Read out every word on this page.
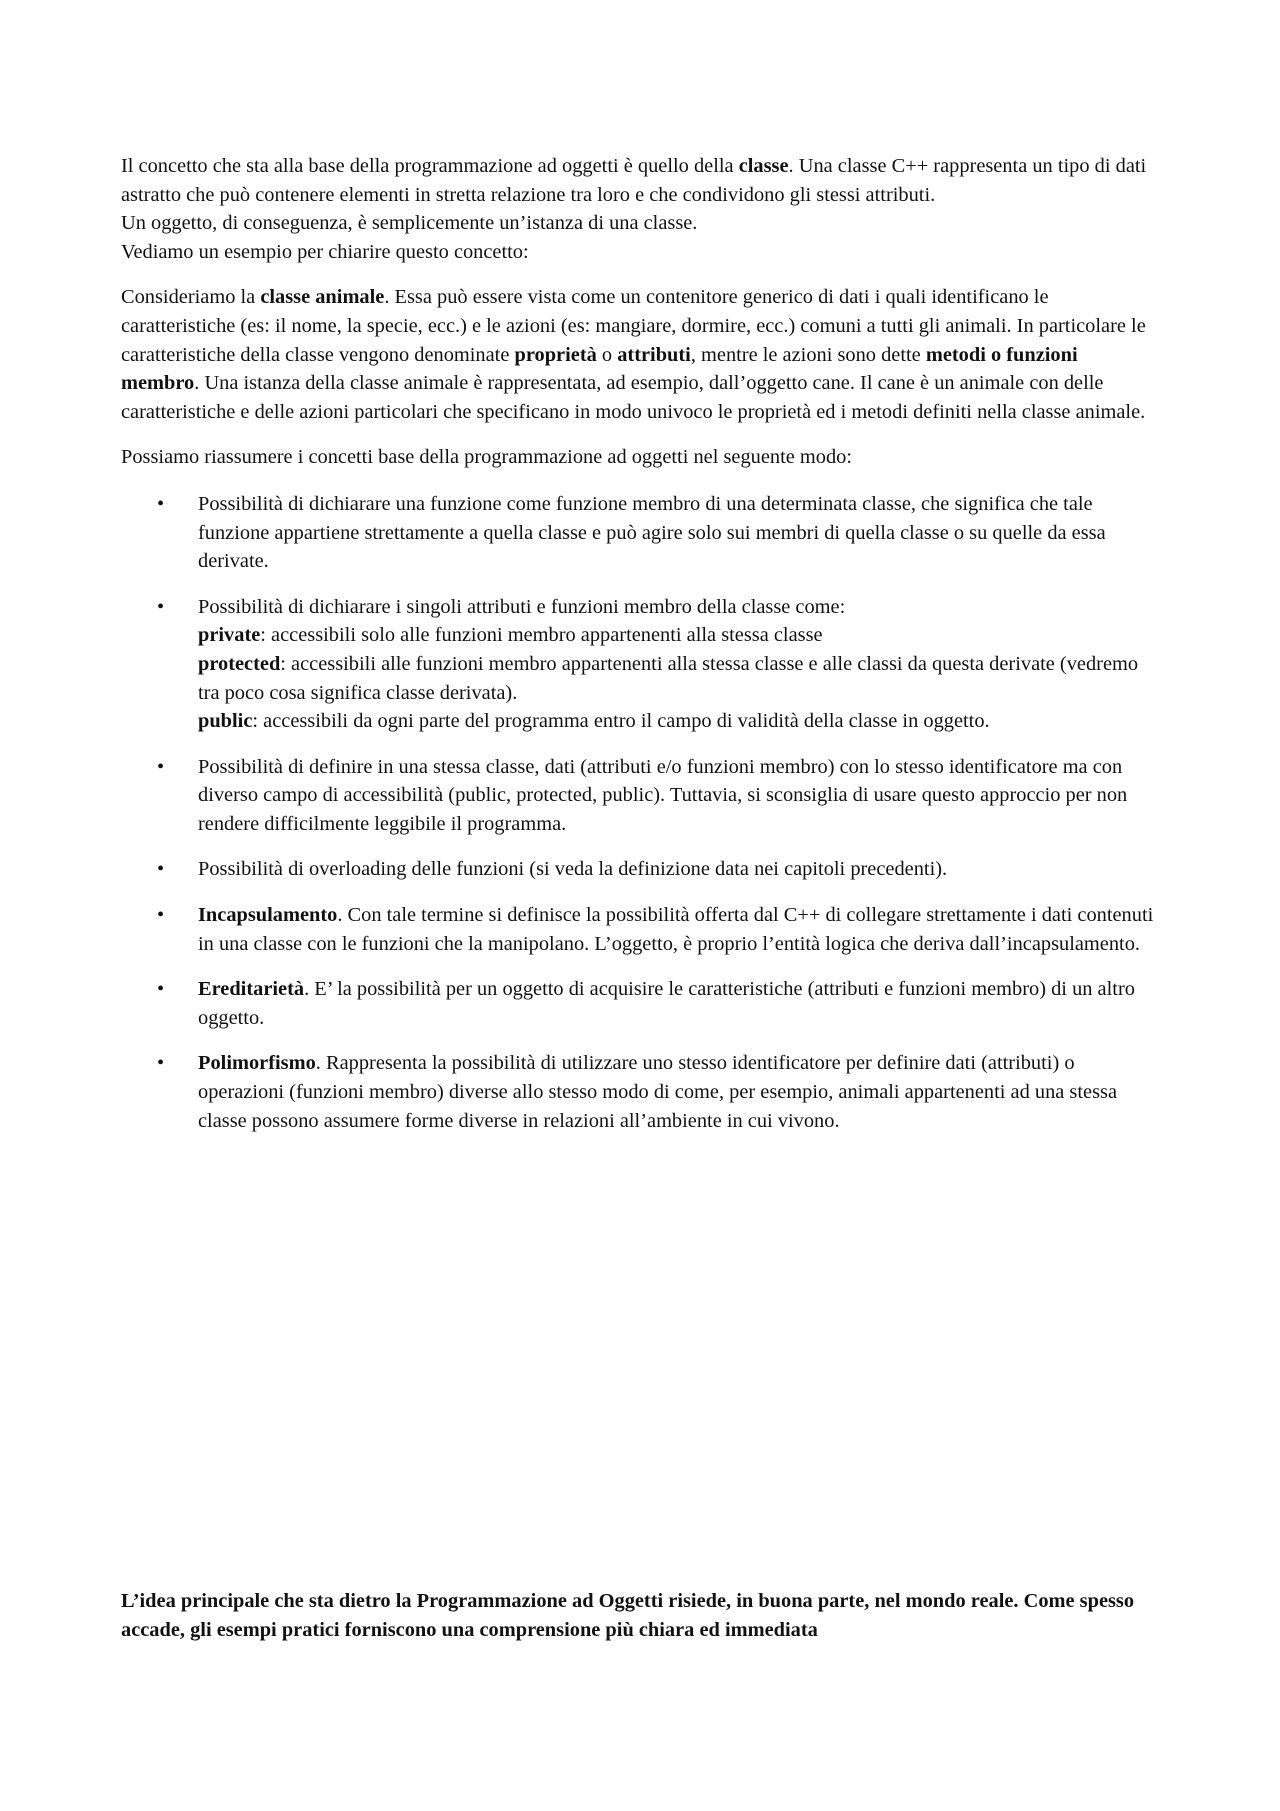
Il concetto che sta alla base della programmazione ad oggetti è quello della classe. Una classe C++ rappresenta un tipo di dati astratto che può contenere elementi in stretta relazione tra loro e che condividono gli stessi attributi.

Un oggetto, di conseguenza, è semplicemente un’istanza di una classe.

Vediamo un esempio per chiarire questo concetto:

Consideriamo la classe animale. Essa può essere vista come un contenitore generico di dati i quali identificano le caratteristiche (es: il nome, la specie, ecc.) e le azioni (es: mangiare, dormire, ecc.) comuni a tutti gli animali. In particolare le caratteristiche della classe vengono denominate proprietà o attributi, mentre le azioni sono dette metodi o funzioni membro. Una istanza della classe animale è rappresentata, ad esempio, dall’oggetto cane. Il cane è un animale con delle caratteristiche e delle azioni particolari che specificano in modo univoco le proprietà ed i metodi definiti nella classe animale.

Possiamo riassumere i concetti base della programmazione ad oggetti nel seguente modo:

• Possibilità di dichiarare una funzione come funzione membro di una determinata classe, che significa che tale funzione appartiene strettamente a quella classe e può agire solo sui membri di quella classe o su quelle da essa derivate.
• Possibilità di dichiarare i singoli attributi e funzioni membro della classe come:
private: accessibili solo alle funzioni membro appartenenti alla stessa classe
protected: accessibili alle funzioni membro appartenenti alla stessa classe e alle classi da questa derivate (vedremo tra poco cosa significa classe derivata).
public: accessibili da ogni parte del programma entro il campo di validità della classe in oggetto.
• Possibilità di definire in una stessa classe, dati (attributi e/o funzioni membro) con lo stesso identificatore ma con diverso campo di accessibilità (public, protected, public). Tuttavia, si sconsiglia di usare questo approccio per non rendere difficilmente leggibile il programma.
• Possibilità di overloading delle funzioni (si veda la definizione data nei capitoli precedenti).
• Incapsulamento. Con tale termine si definisce la possibilità offerta dal C++ di collegare strettamente i dati contenuti in una classe con le funzioni che la manipolano. L’oggetto, è proprio l’entità logica che deriva dall’incapsulamento.
• Ereditarietà. E’ la possibilità per un oggetto di acquisire le caratteristiche (attributi e funzioni membro) di un altro oggetto.
• Polimorfismo. Rappresenta la possibilità di utilizzare uno stesso identificatore per definire dati (attributi) o operazioni (funzioni membro) diverse allo stesso modo di come, per esempio, animali appartenenti ad una stessa classe possono assumere forme diverse in relazioni all’ambiente in cui vivono.

L’idea principale che sta dietro la Programmazione ad Oggetti risiede, in buona parte, nel mondo reale. Come spesso accade, gli esempi pratici forniscono una comprensione più chiara ed immediata
